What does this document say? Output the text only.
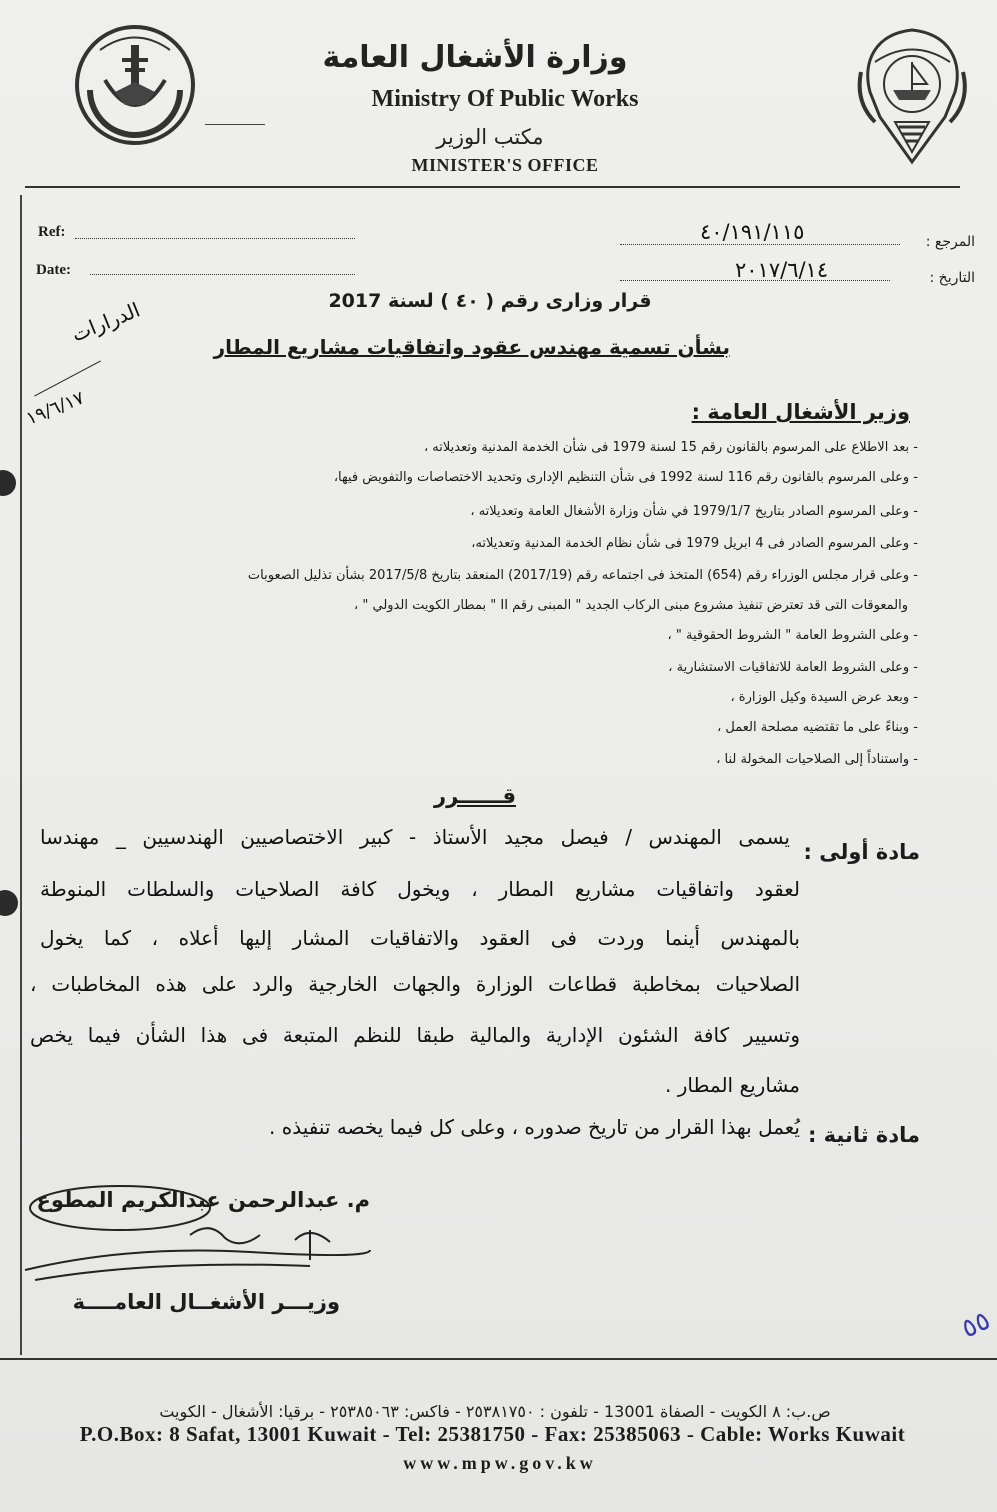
وزارة الأشغال العامة
Ministry Of Public Works
مكتب الوزير
MINISTER'S OFFICE
Ref:
Date:
المرجع :
٤٠/١٩١/١١٥
التاريخ :
٢٠١٧/٦/١٤
الدرارات
١٩/٦/١٧
قرار وزارى رقم ( ٤٠ ) لسنة 2017
بشأن تسمية مهندس عقود واتفاقيات مشاريع المطار
وزير الأشغال العامة :
- بعد الاطلاع على المرسوم بالقانون رقم 15 لسنة 1979 فى شأن الخدمة المدنية وتعديلاته ،
- وعلى المرسوم بالقانون رقم 116 لسنة 1992 فى شأن التنظيم الإدارى وتحديد الاختصاصات والتفويض فيها،
- وعلى المرسوم الصادر بتاريخ 1979/1/7 في شأن وزارة الأشغال العامة وتعديلاته ،
- وعلى المرسوم الصادر فى 4 ابريل 1979 فى شأن نظام الخدمة المدنية وتعديلاته،
- وعلى قرار مجلس الوزراء رقم (654) المتخذ فى اجتماعه رقم (2017/19) المنعقد بتاريخ 2017/5/8 بشأن تذليل الصعوبات
والمعوقات التى قد تعترض تنفيذ مشروع مبنى الركاب الجديد " المبنى رقم II " بمطار الكويت الدولي " ،
- وعلى الشروط العامة " الشروط الحقوقية " ،
- وعلى الشروط العامة للاتفاقيات الاستشارية ،
- وبعد عرض السيدة وكيل الوزارة ،
- وبناءً على ما تقتضيه مصلحة العمل ،
- واستناداً إلى الصلاحيات المخولة لنا ،
قــــــرر
مادة أولى :
يسمى المهندس / فيصل مجيد الأستاذ - كبير الاختصاصيين الهندسيين _ مهندسا
لعقود واتفاقيات مشاريع المطار ، ويخول كافة الصلاحيات والسلطات المنوطة
بالمهندس أينما وردت فى العقود والاتفاقيات المشار إليها أعلاه ، كما يخول
الصلاحيات بمخاطبة قطاعات الوزارة والجهات الخارجية والرد على هذه المخاطبات ،
وتسيير كافة الشئون الإدارية والمالية طبقا للنظم المتبعة فى هذا الشأن فيما يخص
مشاريع المطار .
مادة ثانية :
يُعمل بهذا القرار من تاريخ صدوره ، وعلى كل فيما يخصه تنفيذه .
م. عبدالرحمن عبدالكريم المطوع
وزيـــر الأشغــال العامــــة
٥٥
ص.ب: ٨ الكويت - الصفاة 13001 - تلفون : ٢٥٣٨١٧٥٠ - فاكس: ٢٥٣٨٥٠٦٣ - برقيا: الأشغال - الكويت
P.O.Box: 8 Safat, 13001 Kuwait - Tel: 25381750 - Fax: 25385063 - Cable: Works Kuwait
www.mpw.gov.kw
